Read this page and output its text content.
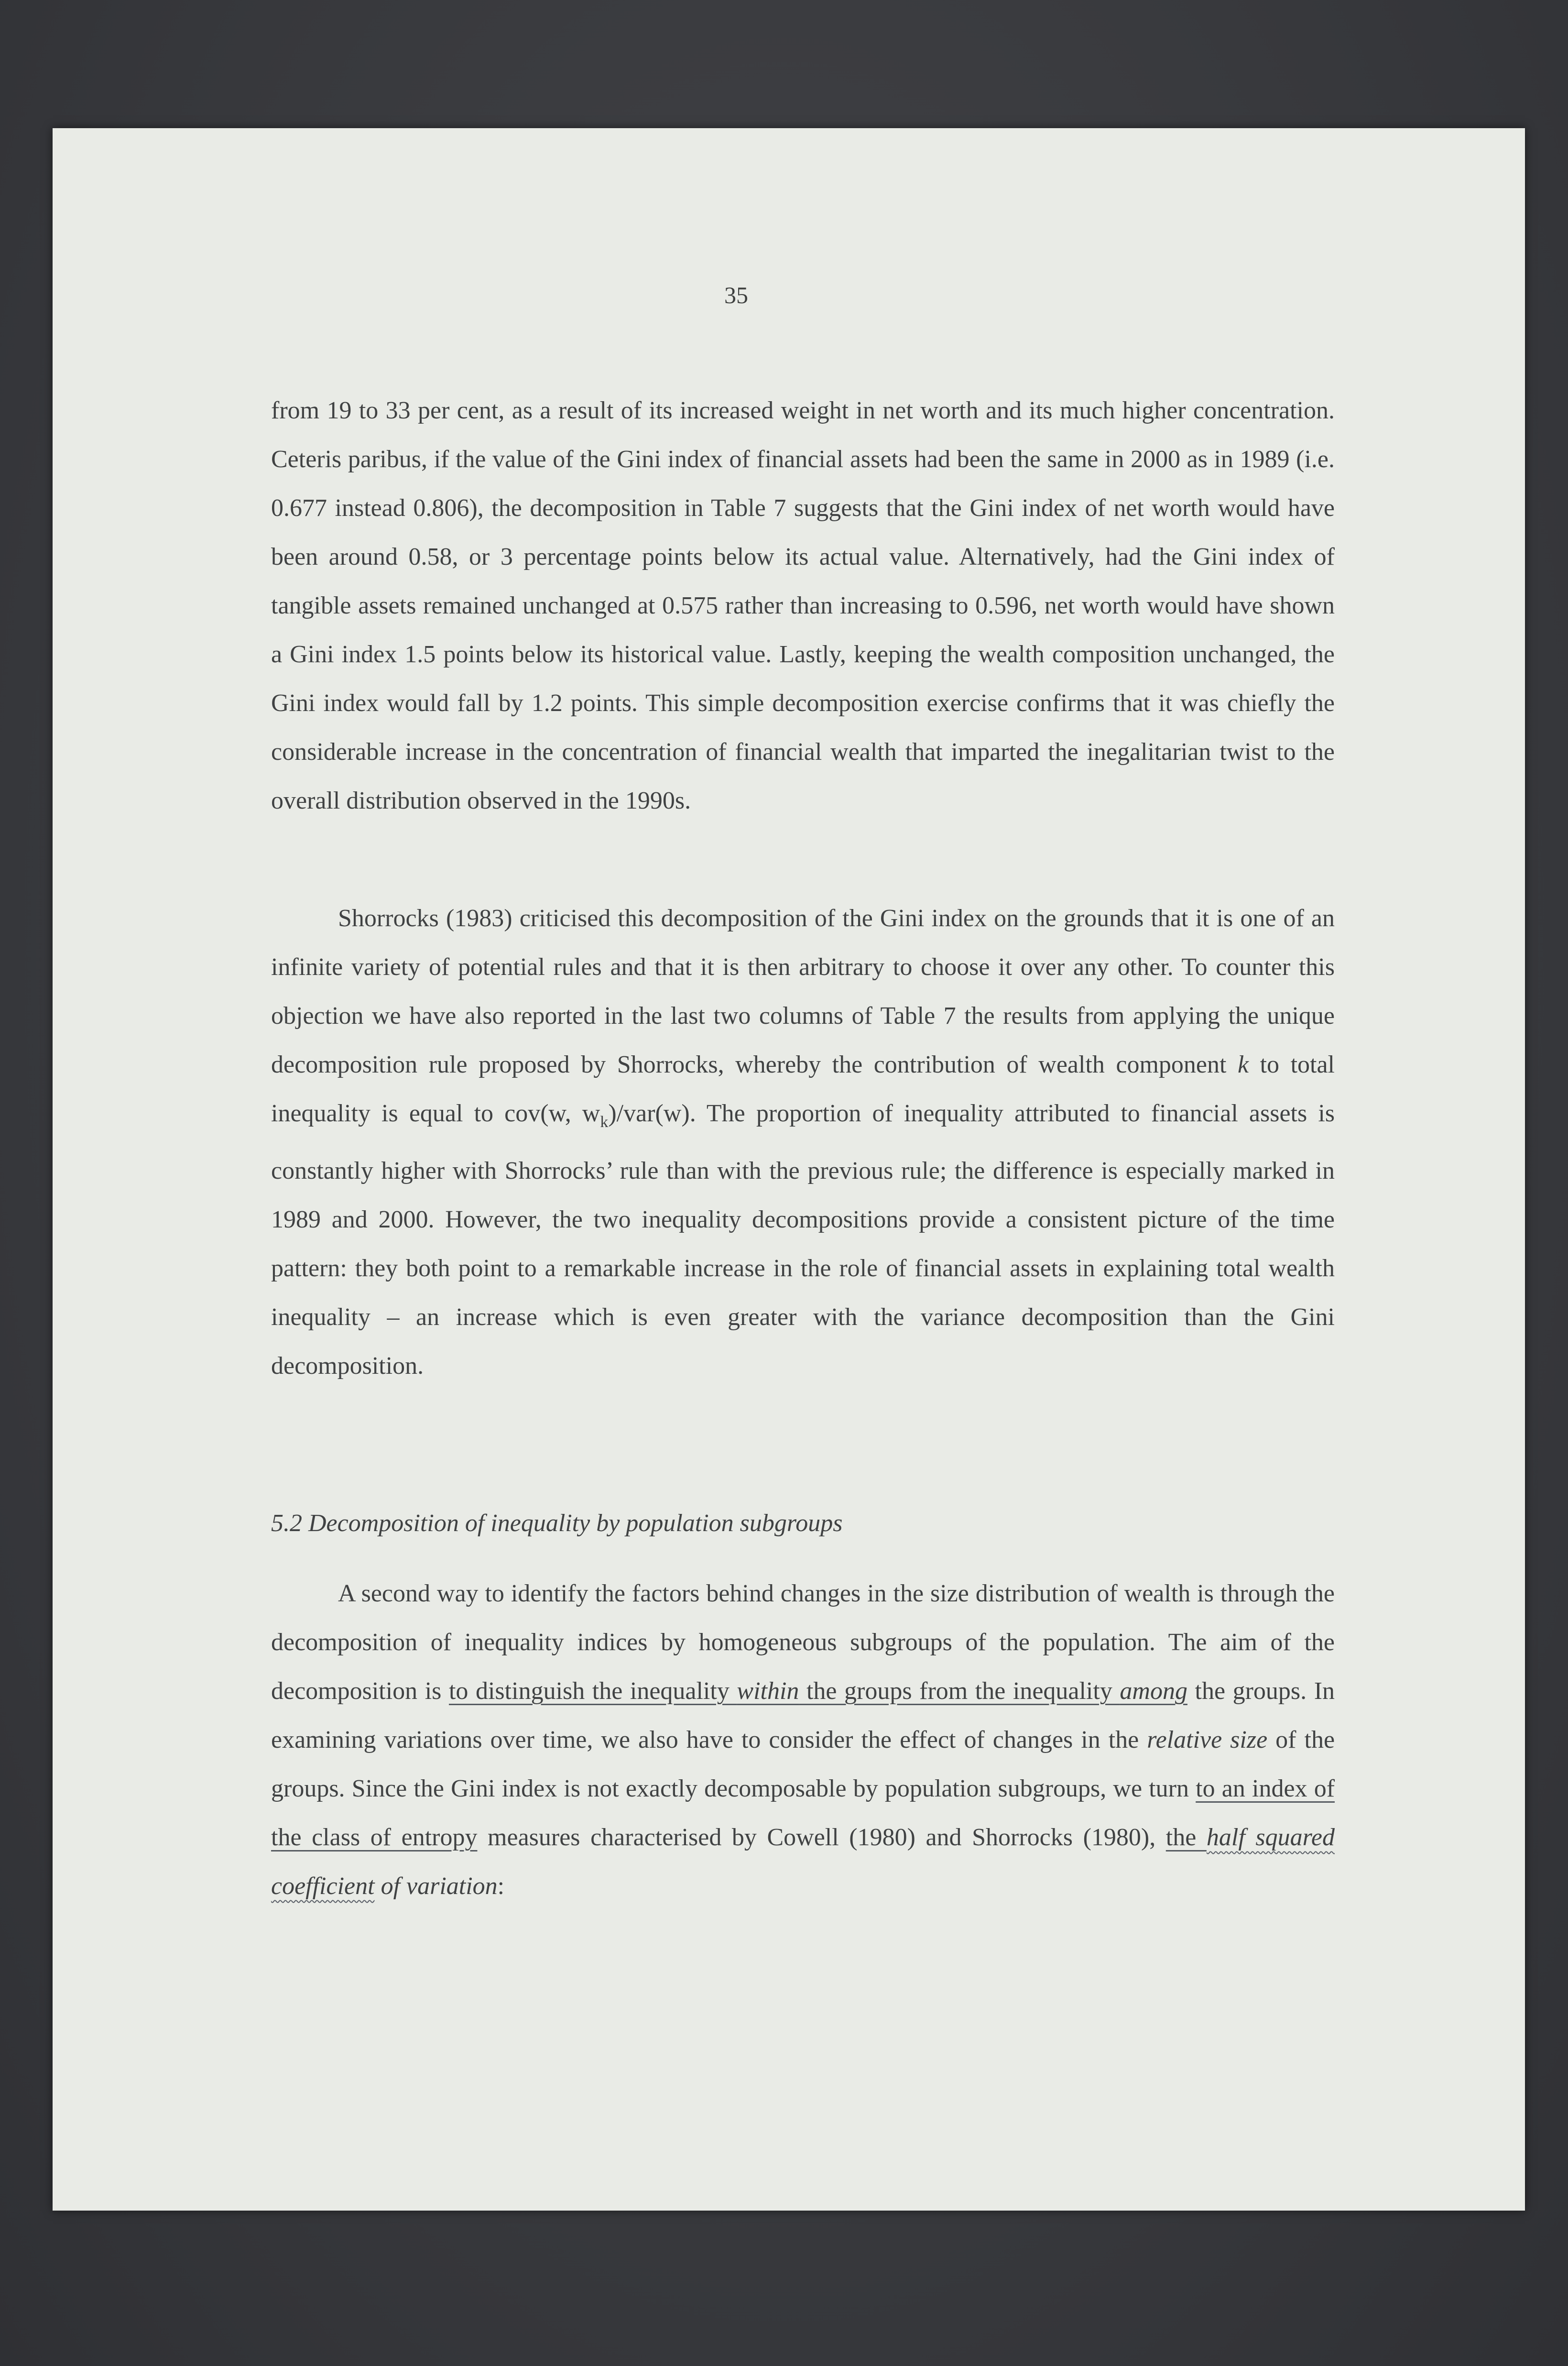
35

from 19 to 33 per cent, as a result of its increased weight in net worth and its much higher concentration. Ceteris paribus, if the value of the Gini index of financial assets had been the same in 2000 as in 1989 (i.e. 0.677 instead 0.806), the decomposition in Table 7 suggests that the Gini index of net worth would have been around 0.58, or 3 percentage points below its actual value. Alternatively, had the Gini index of tangible assets remained unchanged at 0.575 rather than increasing to 0.596, net worth would have shown a Gini index 1.5 points below its historical value. Lastly, keeping the wealth composition unchanged, the Gini index would fall by 1.2 points. This simple decomposition exercise confirms that it was chiefly the considerable increase in the concentration of financial wealth that imparted the inegalitarian twist to the overall distribution observed in the 1990s.

Shorrocks (1983) criticised this decomposition of the Gini index on the grounds that it is one of an infinite variety of potential rules and that it is then arbitrary to choose it over any other. To counter this objection we have also reported in the last two columns of Table 7 the results from applying the unique decomposition rule proposed by Shorrocks, whereby the contribution of wealth component k to total inequality is equal to cov(w, $w_k)/var(w)$. The proportion of inequality attributed to financial assets is constantly higher with Shorrocks’ rule than with the previous rule; the difference is especially marked in 1989 and 2000. However, the two inequality decompositions provide a consistent picture of the time pattern: they both point to a remarkable increase in the role of financial assets in explaining total wealth inequality – an increase which is even greater with the variance decomposition than the Gini decomposition.

5.2 Decomposition of inequality by population subgroups

A second way to identify the factors behind changes in the size distribution of wealth is through the decomposition of inequality indices by homogeneous subgroups of the population. The aim of the decomposition is to distinguish the inequality within the groups from the inequality among the groups. In examining variations over time, we also have to consider the effect of changes in the relative size of the groups. Since the Gini index is not exactly decomposable by population subgroups, we turn to an index of the class of entropy measures characterised by Cowell (1980) and Shorrocks (1980), the half squared coefficient of variation:
